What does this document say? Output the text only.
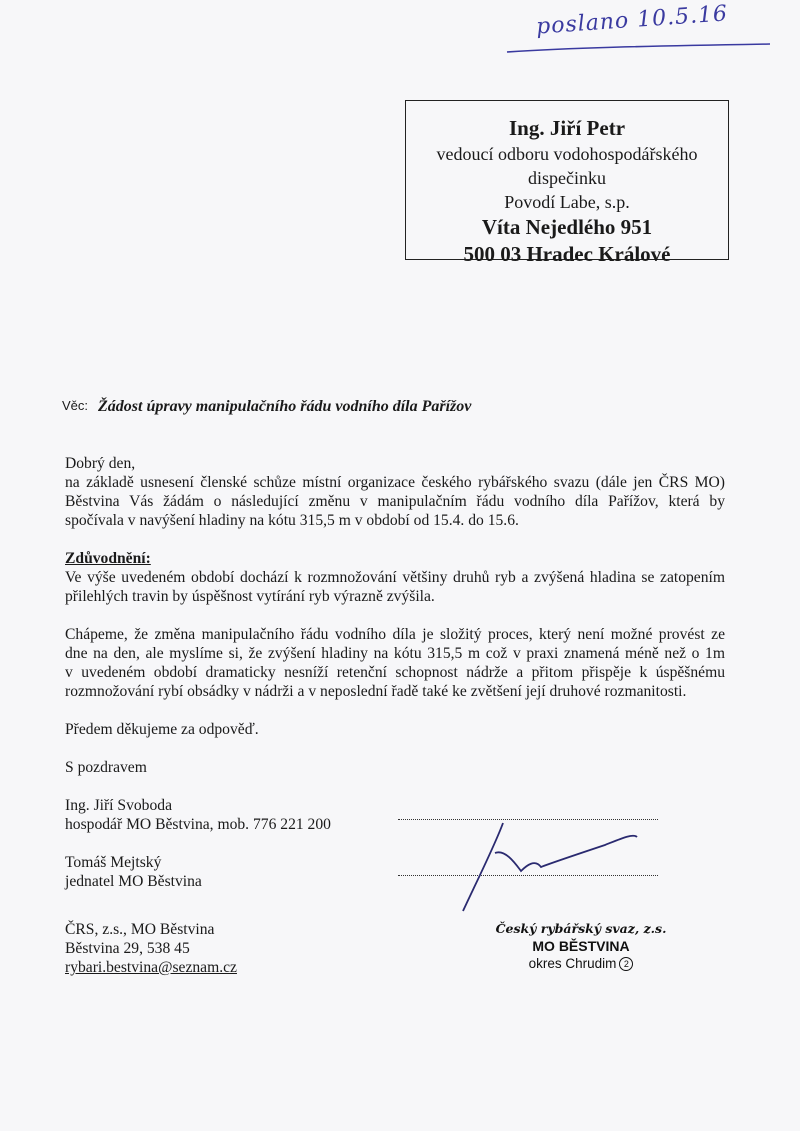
poslano 10.5.16
Ing. Jiří Petr
vedoucí odboru vodohospodářského
dispečinku
Povodí Labe, s.p.
Víta Nejedlého 951
500 03 Hradec Králové
Věc: Žádost úpravy manipulačního řádu vodního díla Pařížov

Dobrý den,

na základě usnesení členské schůze místní organizace českého rybářského svazu (dále jen ČRS MO)

Běstvina Vás žádám o následující změnu v manipulačním řádu vodního díla Pařížov, která by

spočívala v navýšení hladiny na kótu 315,5 m v období od 15.4. do 15.6.

Zdůvodnění:

Ve výše uvedeném období dochází k rozmnožování většiny druhů ryb a zvýšená hladina se zatopením

přilehlých travin by úspěšnost vytírání ryb výrazně zvýšila.

Chápeme, že změna manipulačního řádu vodního díla je složitý proces, který není možné provést ze

dne na den, ale myslíme si, že zvýšení hladiny na kótu 315,5 m což v praxi znamená méně než o 1m

v uvedeném období dramaticky nesníží retenční schopnost nádrže a přitom přispěje k úspěšnému

rozmnožování rybí obsádky v nádrži a v neposlední řadě také ke zvětšení její druhové rozmanitosti.

Předem děkujeme za odpověď.

S pozdravem

Ing. Jiří Svoboda

hospodář MO Běstvina, mob. 776 221 200

Tomáš Mejtský

jednatel MO Běstvina

ČRS, z.s., MO Běstvina
Běstvina 29, 538 45
rybari.bestvina@seznam.cz
Český rybářský svaz, z.s.
MO BĚSTVINA
okres Chrudim 2
